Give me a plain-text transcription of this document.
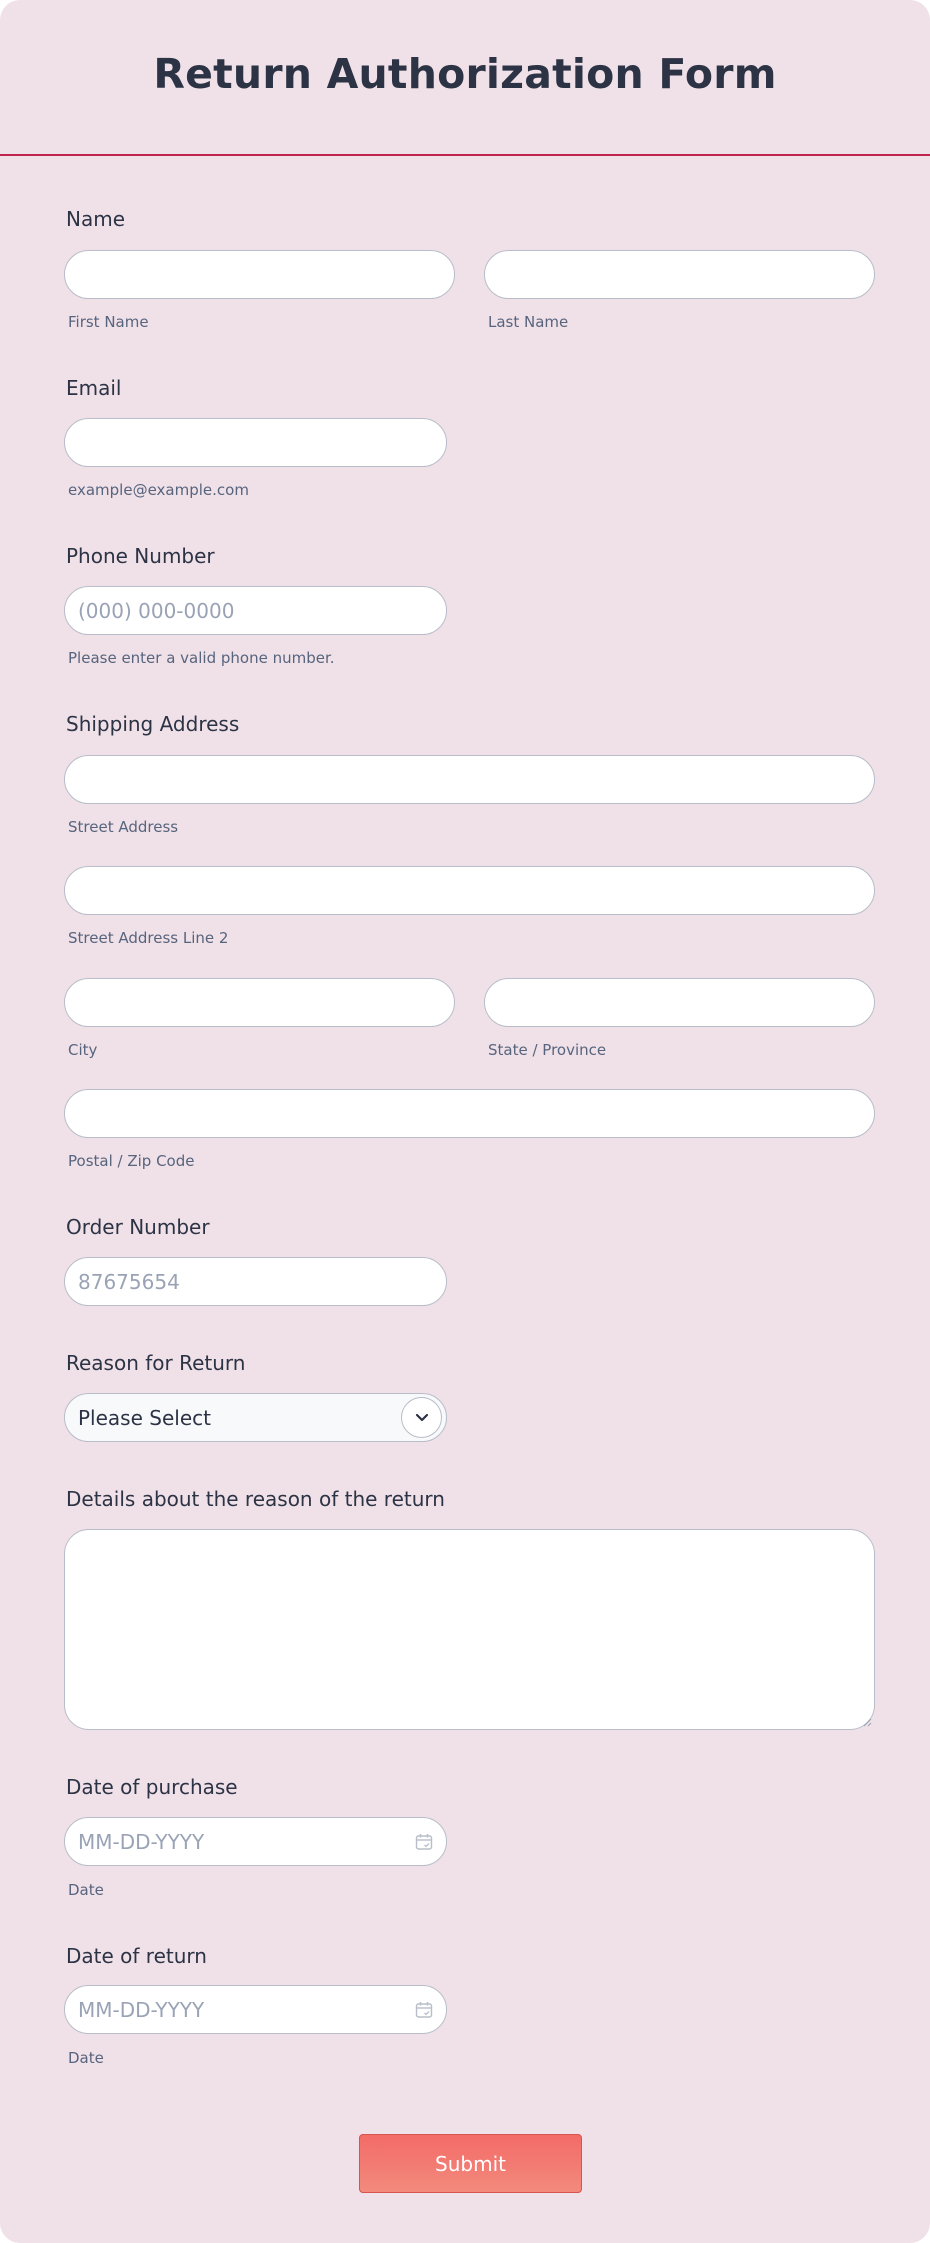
Return Authorization Form
Name
First Name	Last Name
Email
example@example.com
Phone Number
(000) 000-0000
Please enter a valid phone number.
Shipping Address
Street Address
Street Address Line 2
City	State / Province
Postal / Zip Code
Order Number
87675654
Reason for Return
Please Select
Details about the reason of the return
Date of purchase
MM-DD-YYYY
Date
Date of return
MM-DD-YYYY
Date
Submit
